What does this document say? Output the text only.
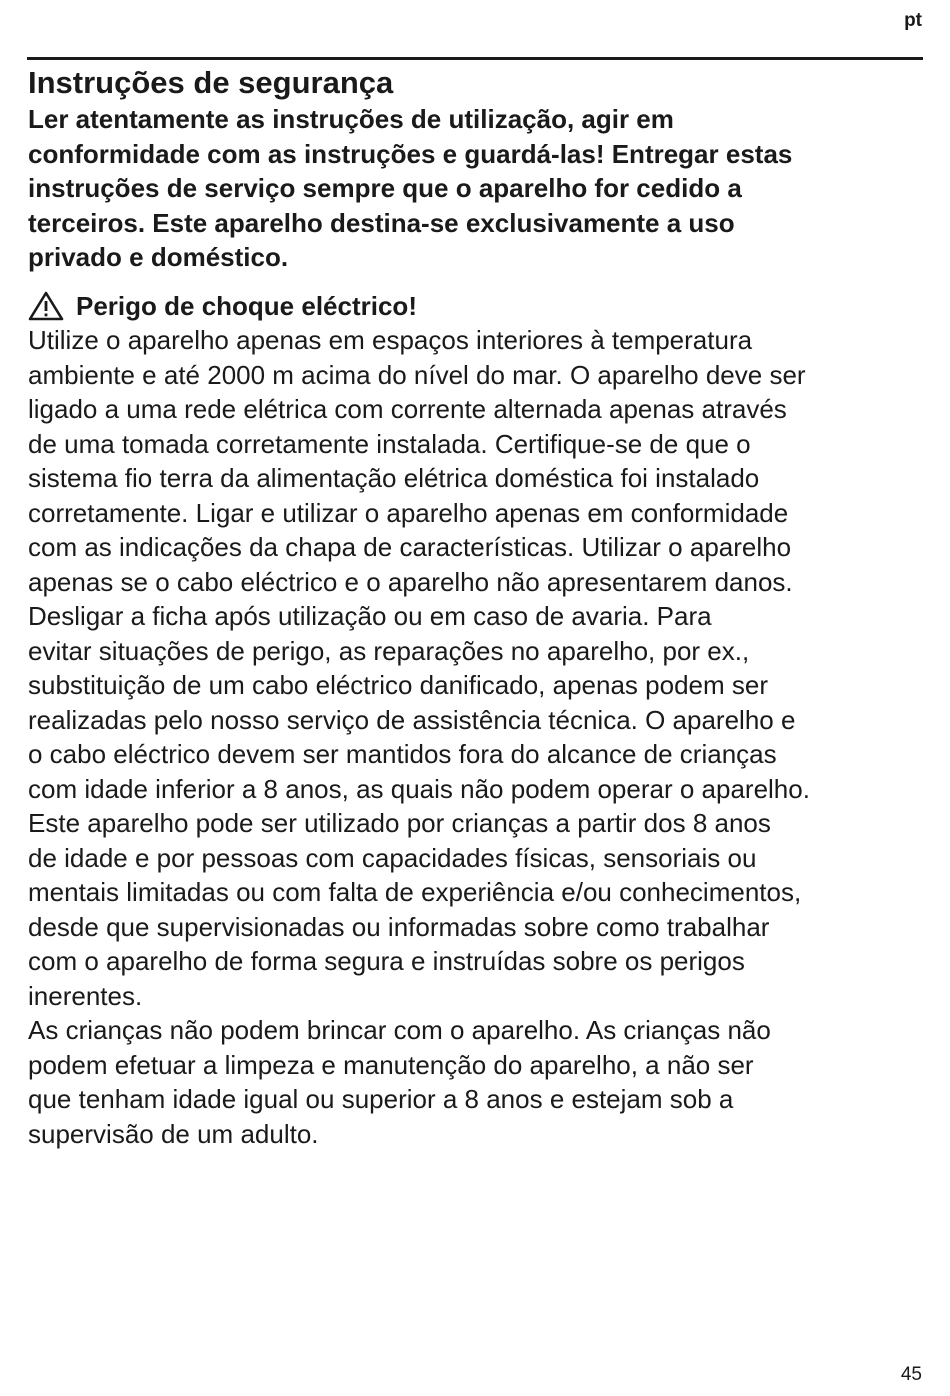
pt
Instruções de segurança

Ler atentamente as instruções de utilização, agir em
conformidade com as instruções e guardá-las! Entregar estas
instruções de serviço sempre que o aparelho for cedido a
terceiros. Este aparelho destina-se exclusivamente a uso
privado e doméstico.

Perigo de choque eléctrico!

Utilize o aparelho apenas em espaços interiores à temperatura
ambiente e até 2000 m acima do nível do mar. O aparelho deve ser
ligado a uma rede elétrica com corrente alternada apenas através
de uma tomada corretamente instalada. Certifique-se de que o
sistema fio terra da alimentação elétrica doméstica foi instalado
corretamente. Ligar e utilizar o aparelho apenas em conformidade
com as indicações da chapa de características. Utilizar o aparelho
apenas se o cabo eléctrico e o aparelho não apresentarem danos.
Desligar a ficha após utilização ou em caso de avaria. Para
evitar situações de perigo, as reparações no aparelho, por ex.,
substituição de um cabo eléctrico danificado, apenas podem ser
realizadas pelo nosso serviço de assistência técnica. O aparelho e
o cabo eléctrico devem ser mantidos fora do alcance de crianças
com idade inferior a 8 anos, as quais não podem operar o aparelho.
Este aparelho pode ser utilizado por crianças a partir dos 8 anos
de idade e por pessoas com capacidades físicas, sensoriais ou
mentais limitadas ou com falta de experiência e/ou conhecimentos,
desde que supervisionadas ou informadas sobre como trabalhar
com o aparelho de forma segura e instruídas sobre os perigos
inerentes.
As crianças não podem brincar com o aparelho. As crianças não
podem efetuar a limpeza e manutenção do aparelho, a não ser
que tenham idade igual ou superior a 8 anos e estejam sob a
supervisão de um adulto.

45
